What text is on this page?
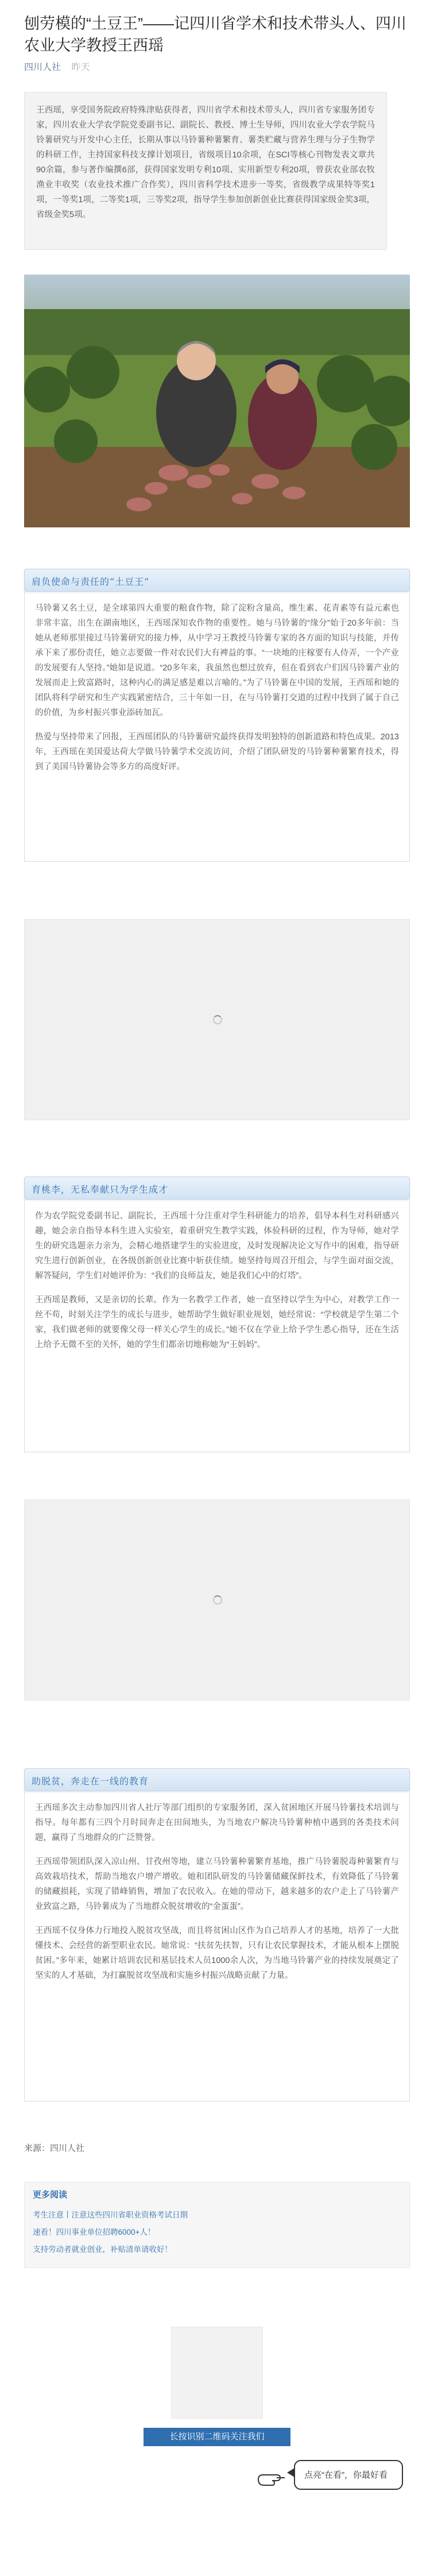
刨劳模的“土豆王”——记四川省学术和技术带头人、四川农业大学教授王西瑶
四川人社 昨天
王西瑶，享受国务院政府特殊津贴获得者，四川省学术和技术带头人，四川省专家服务团专家，四川农业大学农学院党委副书记、副院长、教授、博士生导师，四川农业大学农学院马铃薯研究与开发中心主任，长期从事以马铃薯种薯繁育、薯类贮藏与营养生理与分子生物学的科研工作，主持国家科技支撑计划项目，省级项目10余项，在SCI等核心刊物发表文章共90余篇，参与著作编撰6部，获得国家发明专利10项、实用新型专利20项，曾获农业部农牧渔业丰收奖（农业技术推广合作奖），四川省科学技术进步一等奖，省级教学成果特等奖1项，一等奖1项，二等奖1项，三等奖2项，指导学生参加创新创业比赛获得国家级金奖3项，省级金奖5项。
肩负使命与责任的“土豆王”

马铃薯又名土豆，是全球第四大重要的粮食作物，除了淀粉含量高，维生素、花青素等有益元素也非常丰富，出生在湖南地区，王西瑶深知农作物的重要性。她与马铃薯的“缘分”始于20多年前：当她从老师那里接过马铃薯研究的接力棒，从中学习王教授马铃薯专家的各方面的知识与技能，并传承下来了那份责任，她立志要做一件对农民们大有裨益的事。“一块地的庄稼要有人侍弄，一个产业的发展要有人坚持。”她如是说道。“20多年来，我虽然也想过放弃，但在看到农户们因马铃薯产业的发展而走上致富路时，这种内心的满足感是难以言喻的。”为了马铃薯在中国的发展，王西瑶和她的团队将科学研究和生产实践紧密结合，三十年如一日，在与马铃薯打交道的过程中找到了属于自己的价值，为乡村振兴事业添砖加瓦。

热爱与坚持带来了回报，王西瑶团队的马铃薯研究最终获得发明独特的创新道路和特色成果。2013年，王西瑶在美国爱达荷大学做马铃薯学术交流访问，介绍了团队研发的马铃薯种薯繁育技术，得到了美国马铃薯协会等多方的高度好评。

育桃李，无私奉献只为学生成才

作为农学院党委副书记、副院长，王西瑶十分注重对学生科研能力的培养，倡导本科生对科研感兴趣，她会亲自指导本科生进入实验室，着重研究生教学实践，体验科研的过程，作为导师，她对学生的研究选题亲力亲为，会精心地搭建学生的实验进度，及时发现解决论文写作中的困难，指导研究生进行创新创业，在各级创新创业比赛中斩获佳绩。她坚持每周召开组会，与学生面对面交流，解答疑问，学生们对她评价为：“我们的良师益友，她是我们心中的灯塔”。

王西瑶是教师，又是亲切的长辈。作为一名教学工作者，她一直坚持以学生为中心，对教学工作一丝不苟，时刻关注学生的成长与进步，她帮助学生做好职业规划，她经常说：“学校就是学生第二个家，我们做老师的就要像父母一样关心学生的成长。”她不仅在学业上给予学生悉心指导，还在生活上给予无微不至的关怀，她的学生们都亲切地称她为“王妈妈”。

助脱贫，奔走在一线的教育

王西瑶多次主动参加四川省人社厅等部门组织的专家服务团，深入贫困地区开展马铃薯技术培训与指导。每年都有三四个月时间奔走在田间地头，为当地农户解决马铃薯种植中遇到的各类技术问题，赢得了当地群众的广泛赞誉。

王西瑶带领团队深入凉山州、甘孜州等地，建立马铃薯种薯繁育基地，推广马铃薯脱毒种薯繁育与高效栽培技术，帮助当地农户增产增收。她和团队研发的马铃薯储藏保鲜技术，有效降低了马铃薯的储藏损耗，实现了错峰销售，增加了农民收入。在她的带动下，越来越多的农户走上了马铃薯产业致富之路，马铃薯成为了当地群众脱贫增收的“金蛋蛋”。

王西瑶不仅身体力行地投入脱贫攻坚战，而且将贫困山区作为自己培养人才的基地，培养了一大批懂技术、会经营的新型职业农民。她常说：“扶贫先扶智，只有让农民掌握技术，才能从根本上摆脱贫困。”多年来，她累计培训农民和基层技术人员1000余人次，为当地马铃薯产业的持续发展奠定了坚实的人才基础，为打赢脱贫攻坚战和实施乡村振兴战略贡献了力量。

来源：四川人社
更多阅读
考生注意丨注意这些四川省职业资格考试日期
速看！四川事业单位招聘6000+人！
支持劳动者就业创业，补贴清单请收好！
长按识别二维码关注我们
点亮“在看”，你最好看
